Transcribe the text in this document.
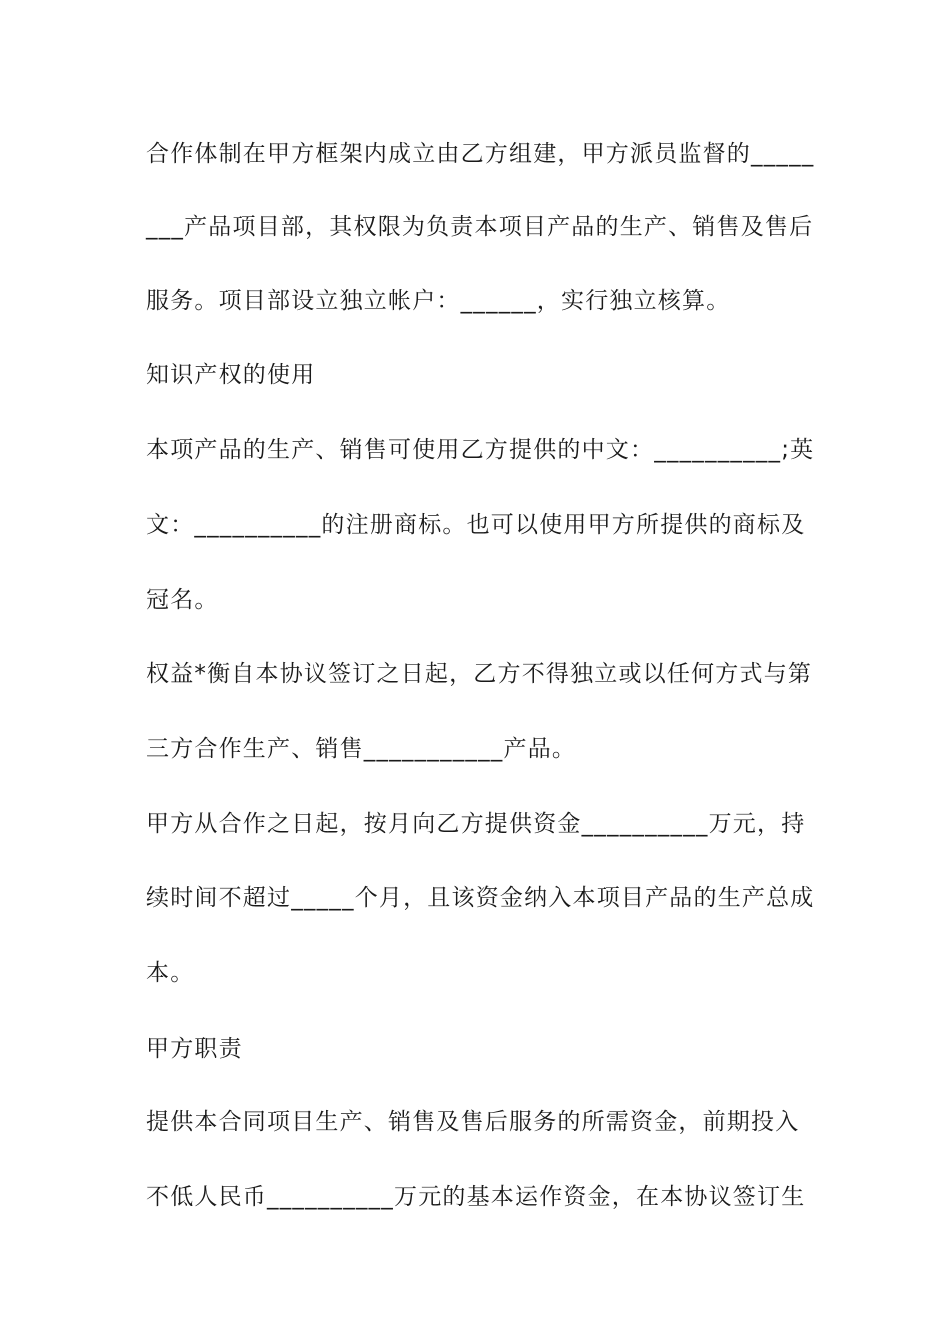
合作体制在甲方框架内成立由乙方组建，甲方派员监督的_____

___产品项目部，其权限为负责本项目产品的生产、销售及售后

服务。项目部设立独立帐户：______，实行独立核算。

知识产权的使用

本项产品的生产、销售可使用乙方提供的中文：__________;英

文：__________的注册商标。也可以使用甲方所提供的商标及

冠名。

权益*衡自本协议签订之日起，乙方不得独立或以任何方式与第

三方合作生产、销售___________产品。

甲方从合作之日起，按月向乙方提供资金__________万元，持

续时间不超过_____个月，且该资金纳入本项目产品的生产总成

本。

甲方职责

提供本合同项目生产、销售及售后服务的所需资金，前期投入

不低人民币__________万元的基本运作资金，在本协议签订生
